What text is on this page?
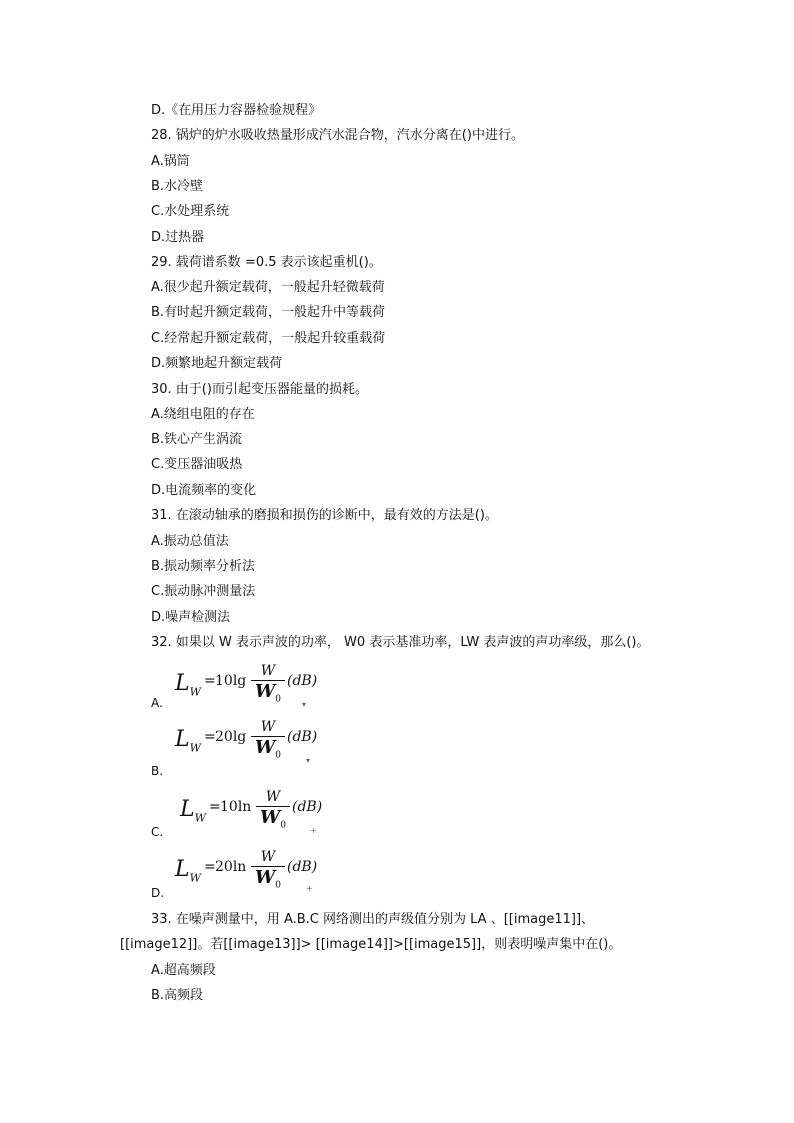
D.《在用压力容器检验规程》
28. 锅炉的炉水吸收热量形成汽水混合物，汽水分离在()中进行。
A.锅筒
B.水冷壁
C.水处理系统
D.过热器
29. 载荷谱系数 =0.5 表示该起重机()。
A.很少起升额定载荷，一般起升轻微载荷
B.有时起升额定载荷，一般起升中等载荷
C.经常起升额定载荷，一般起升较重载荷
D.频繁地起升额定载荷
30. 由于()而引起变压器能量的损耗。
A.绕组电阻的存在
B.铁心产生涡流
C.变压器油吸热
D.电流频率的变化
31. 在滚动轴承的磨损和损伤的诊断中，最有效的方法是()。
A.振动总值法
B.振动频率分析法
C.振动脉冲测量法
D.噪声检测法
32. 如果以 W 表示声波的功率， W0 表示基准功率，LW 表声波的声功率级，那么()。
A.
$L_W$
= 10lg
W
$W_0$
(dB)
▾
$L_W$
= 20lg
W
$W_0$
(dB)
▾
B.
$L_W$
= 10ln
W
$W_0$
(dB)
C.	+
$L_W$
= 20ln
W
$W_0$
(dB)
+
D.
33. 在噪声测量中，用 A.B.C 网络测出的声级值分别为 LA 、[[image11]]、
[[image12]]。若[[image13]]> [[image14]]>[[image15]]，则表明噪声集中在()。
A.超高频段
B.高频段
